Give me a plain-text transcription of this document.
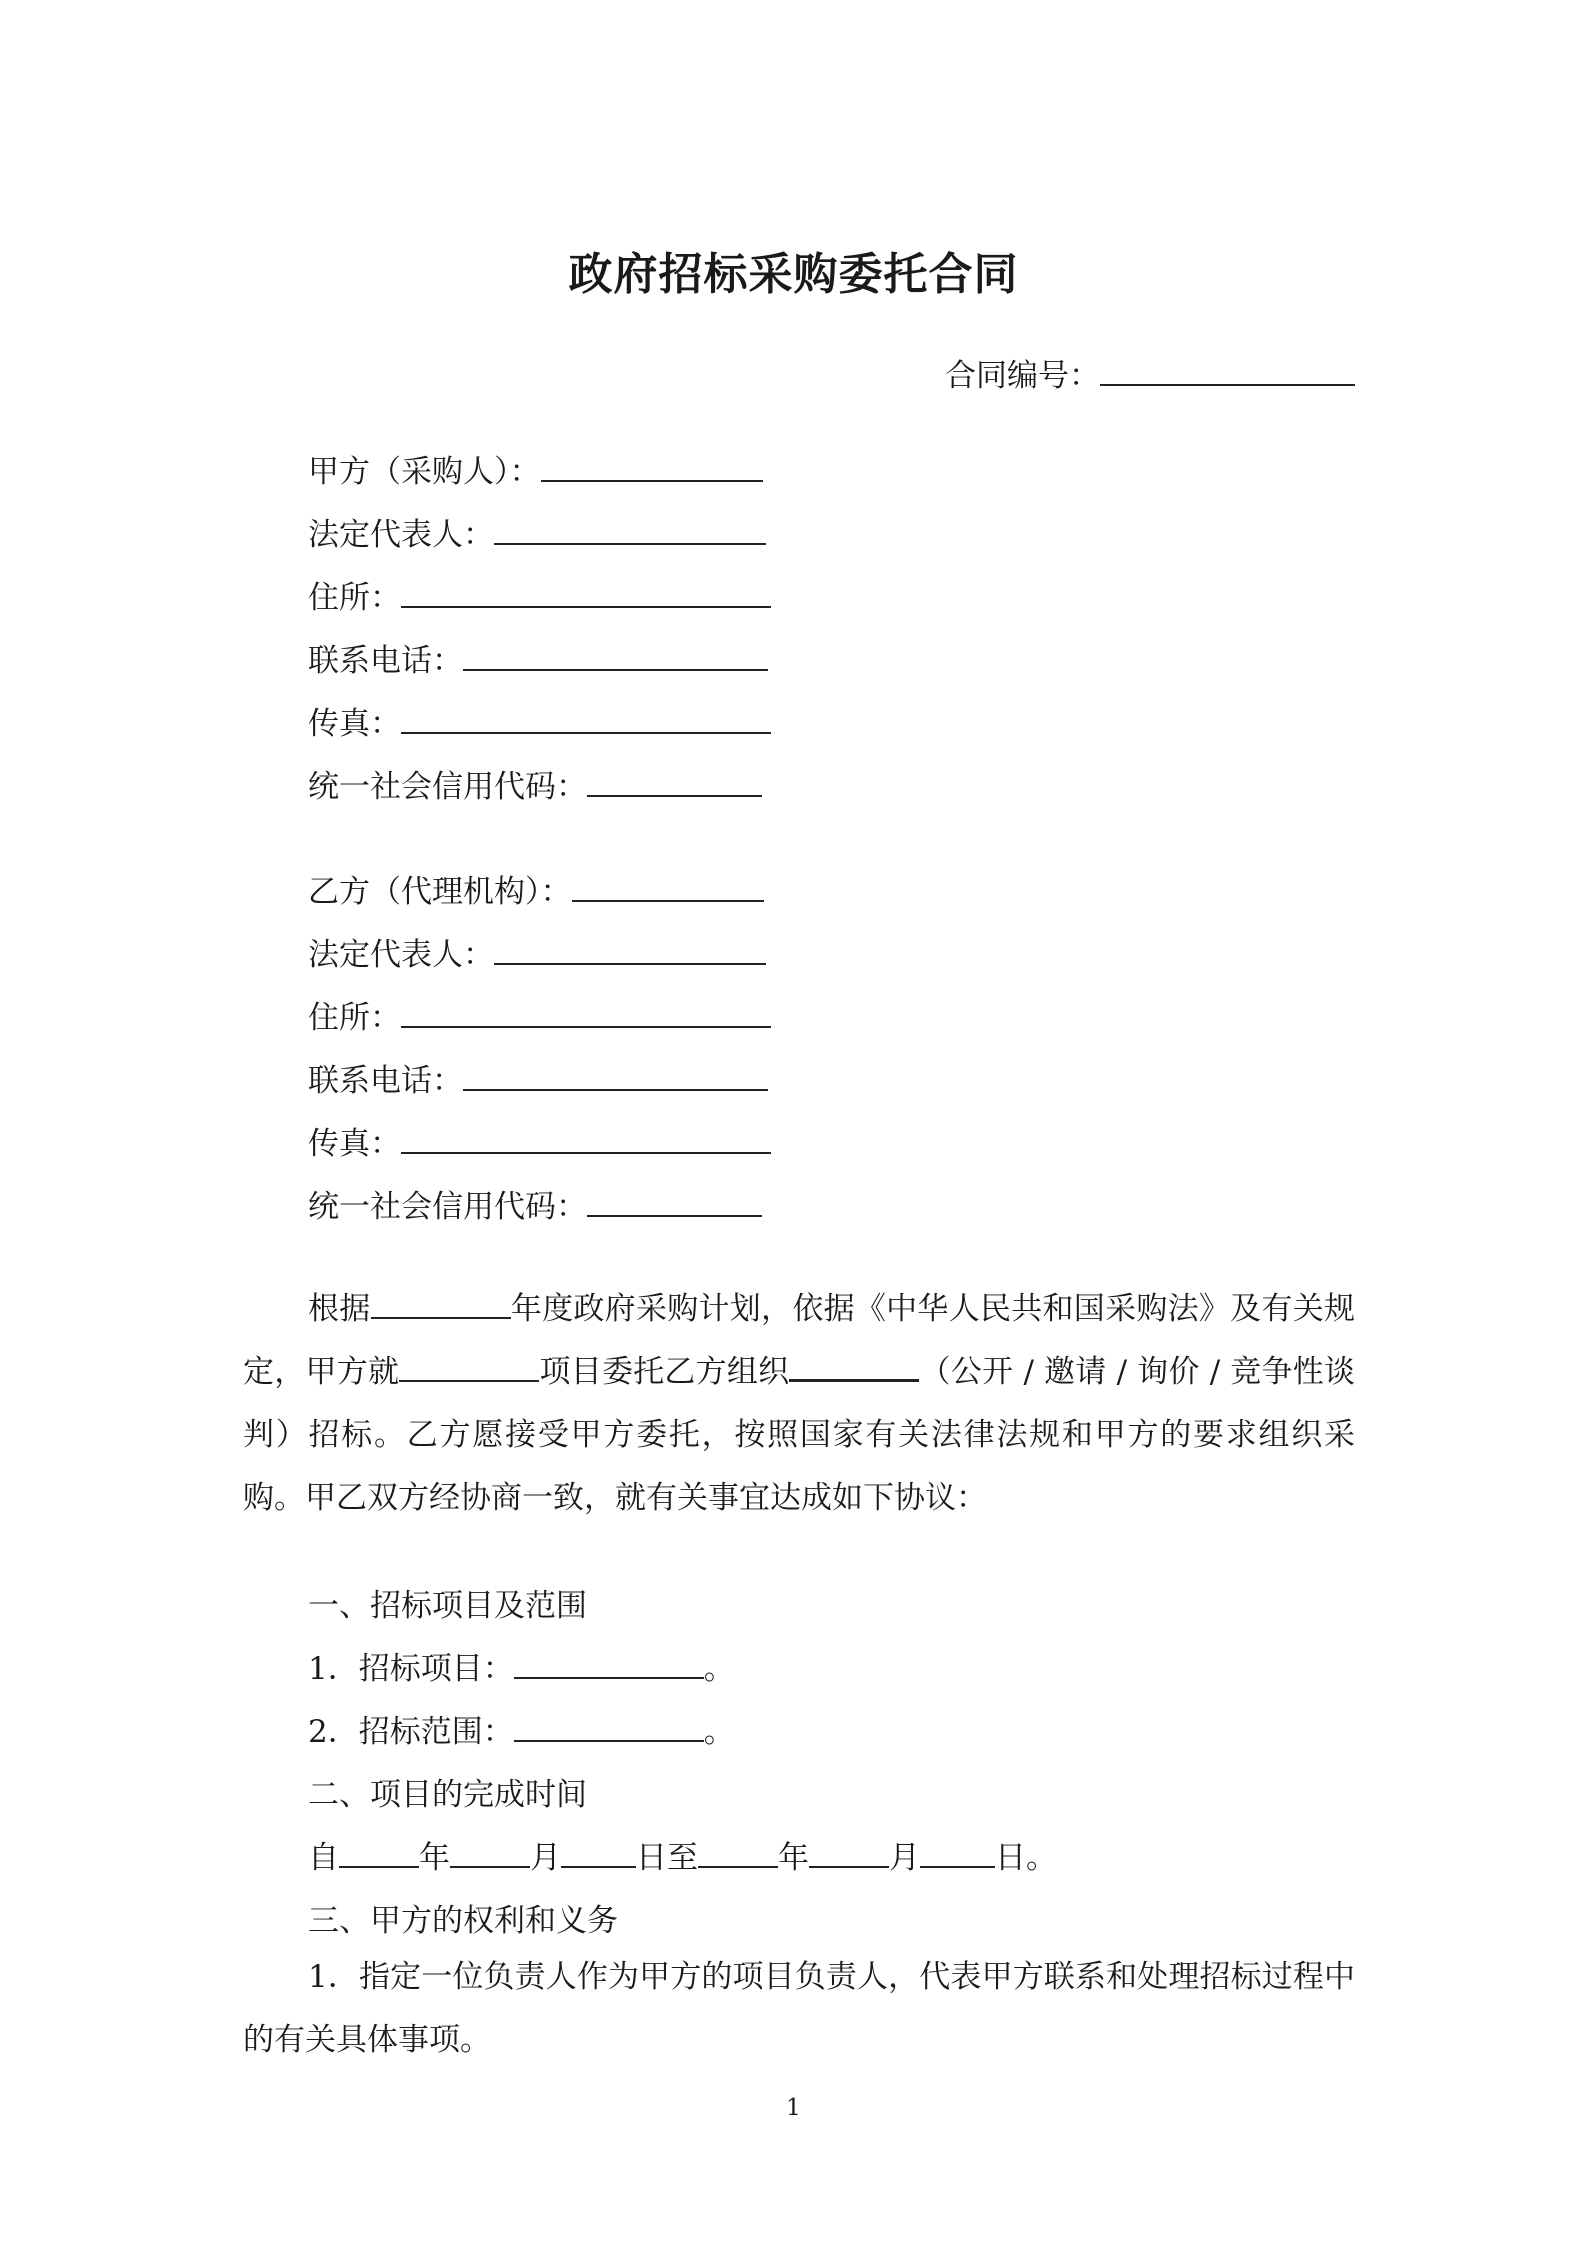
政府招标采购委托合同
合同编号：
甲方（采购人）：
法定代表人：
住所：
联系电话：
传真：
统一社会信用代码：
乙方（代理机构）：
法定代表人：
住所：
联系电话：
传真：
统一社会信用代码：
根据	年度政府采购计划，依据《中华人民共和国采购法》及有关规定，甲方就	项目委托乙方组织	（公开 / 邀请 / 询价 / 竞争性谈判）招标。乙方愿接受甲方委托，按照国家有关法律法规和甲方的要求组织采购。甲乙双方经协商一致，就有关事宜达成如下协议：
一、招标项目及范围
1．招标项目：	。
2．招标范围：	。
二、项目的完成时间
自	年	月 日至	年	月 日。
三、甲方的权利和义务
1．指定一位负责人作为甲方的项目负责人，代表甲方联系和处理招标过程中的有关具体事项。
1
